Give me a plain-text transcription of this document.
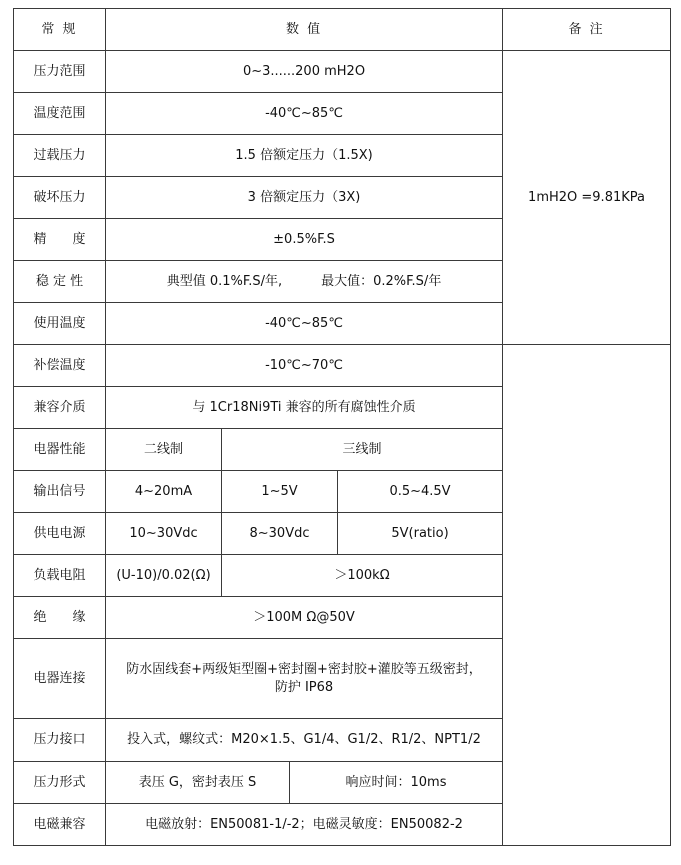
常 规	数 值				备 注
压力范围	0~3......200 mH2O				1mH2O =9.81KPa
温度范围	-40℃~85℃				
过载压力	1.5 倍额定压力（1.5X)				
破坏压力	3 倍额定压力（3X)				
精　　度	±0.5%F.S				
稳 定 性	典型值 0.1%F.S/年,　　　最大值：0.2%F.S/年				
使用温度	-40℃~85℃				
补偿温度	-10℃~70℃				
兼容介质	与 1Cr18Ni9Ti 兼容的所有腐蚀性介质				
电器性能	二线制	三线制			
输出信号	4~20mA	1~5V		0.5~4.5V	
供电电源	10~30Vdc	8~30Vdc		5V(ratio)	
负载电阻	(U-10)/0.02(Ω)	＞100kΩ			
绝　　缘	＞100M Ω@50V				
电器连接	防水固线套+两级矩型圈+密封圈+密封胶+灌胶等五级密封，
防护 IP68				

压力接口	投入式，螺纹式：M20×1.5、G1/4、G1/2、R1/2、NPT1/2				
压力形式	表压 G，密封表压 S		响应时间：10ms		
电磁兼容	电磁放射：EN50081-1/-2；电磁灵敏度：EN50082-2				
